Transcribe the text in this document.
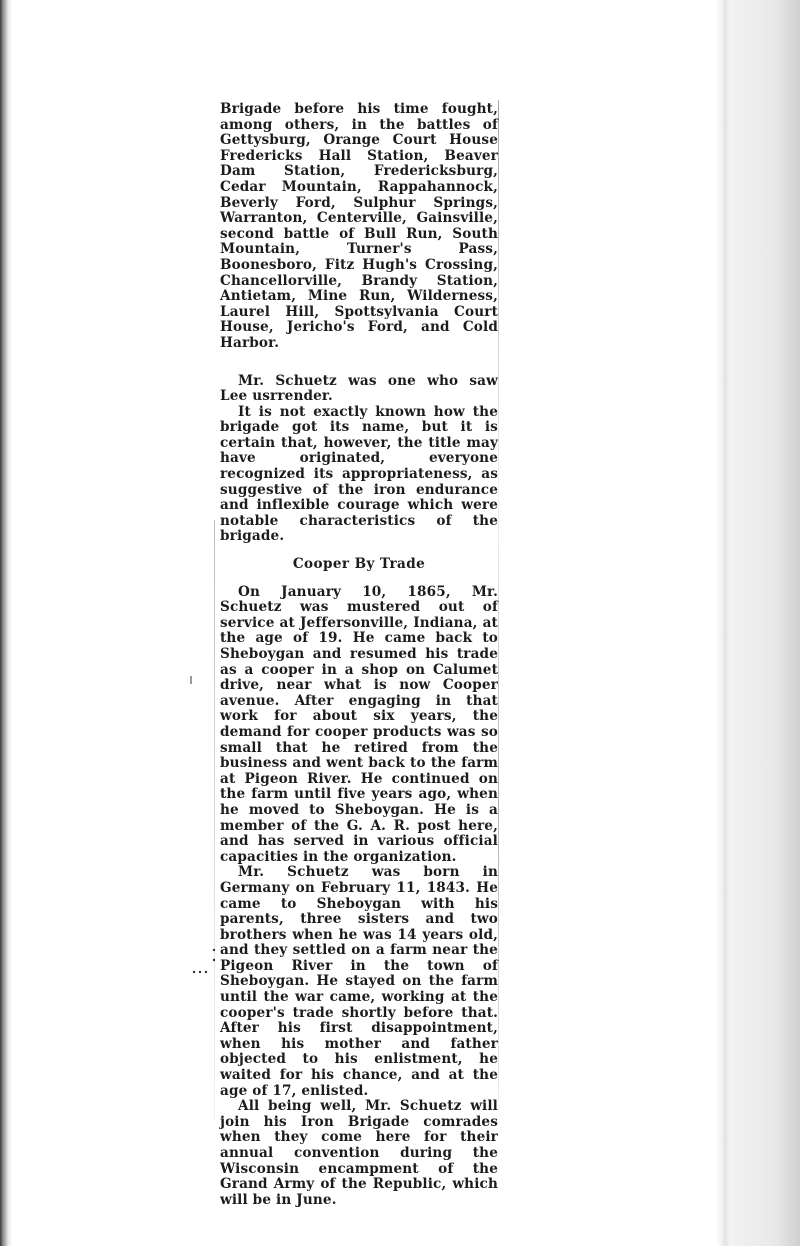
Brigade before his time fought, among others, in the battles of Gettysburg, Orange Court House Fredericks Hall Station, Beaver Dam Station, Fredericksburg, Cedar Mountain, Rappahannock, Beverly Ford, Sulphur Springs, Warranton, Centerville, Gainsville, second battle of Bull Run, South Mountain, Turner's Pass, Boonesboro, Fitz Hugh's Crossing, Chancellorville, Brandy Station, Antietam, Mine Run, Wilderness, Laurel Hill, Spottsylvania Court House, Jericho's Ford, and Cold Harbor.

Mr. Schuetz was one who saw Lee usrrender.

It is not exactly known how the brigade got its name, but it is certain that, however, the title may have originated, everyone recognized its appropriateness, as suggestive of the iron endurance and inflexible courage which were notable characteristics of the brigade.

Cooper By Trade

On January 10, 1865, Mr. Schuetz was mustered out of service at Jeffersonville, Indiana, at the age of 19. He came back to Sheboygan and resumed his trade as a cooper in a shop on Calumet drive, near what is now Cooper avenue. After engaging in that work for about six years, the demand for cooper products was so small that he retired from the business and went back to the farm at Pigeon River. He continued on the farm until five years ago, when he moved to Sheboygan. He is a member of the G. A. R. post here, and has served in various official capacities in the organization.

Mr. Schuetz was born in Germany on February 11, 1843. He came to Sheboygan with his parents, three sisters and two brothers when he was 14 years old, and they settled on a farm near the Pigeon River in the town of Sheboygan. He stayed on the farm until the war came, working at the cooper's trade shortly before that. After his first disappointment, when his mother and father objected to his enlistment, he waited for his chance, and at the age of 17, enlisted.

All being well, Mr. Schuetz will join his Iron Brigade comrades when they come here for their annual convention during the Wisconsin encampment of the Grand Army of the Republic, which will be in June.
